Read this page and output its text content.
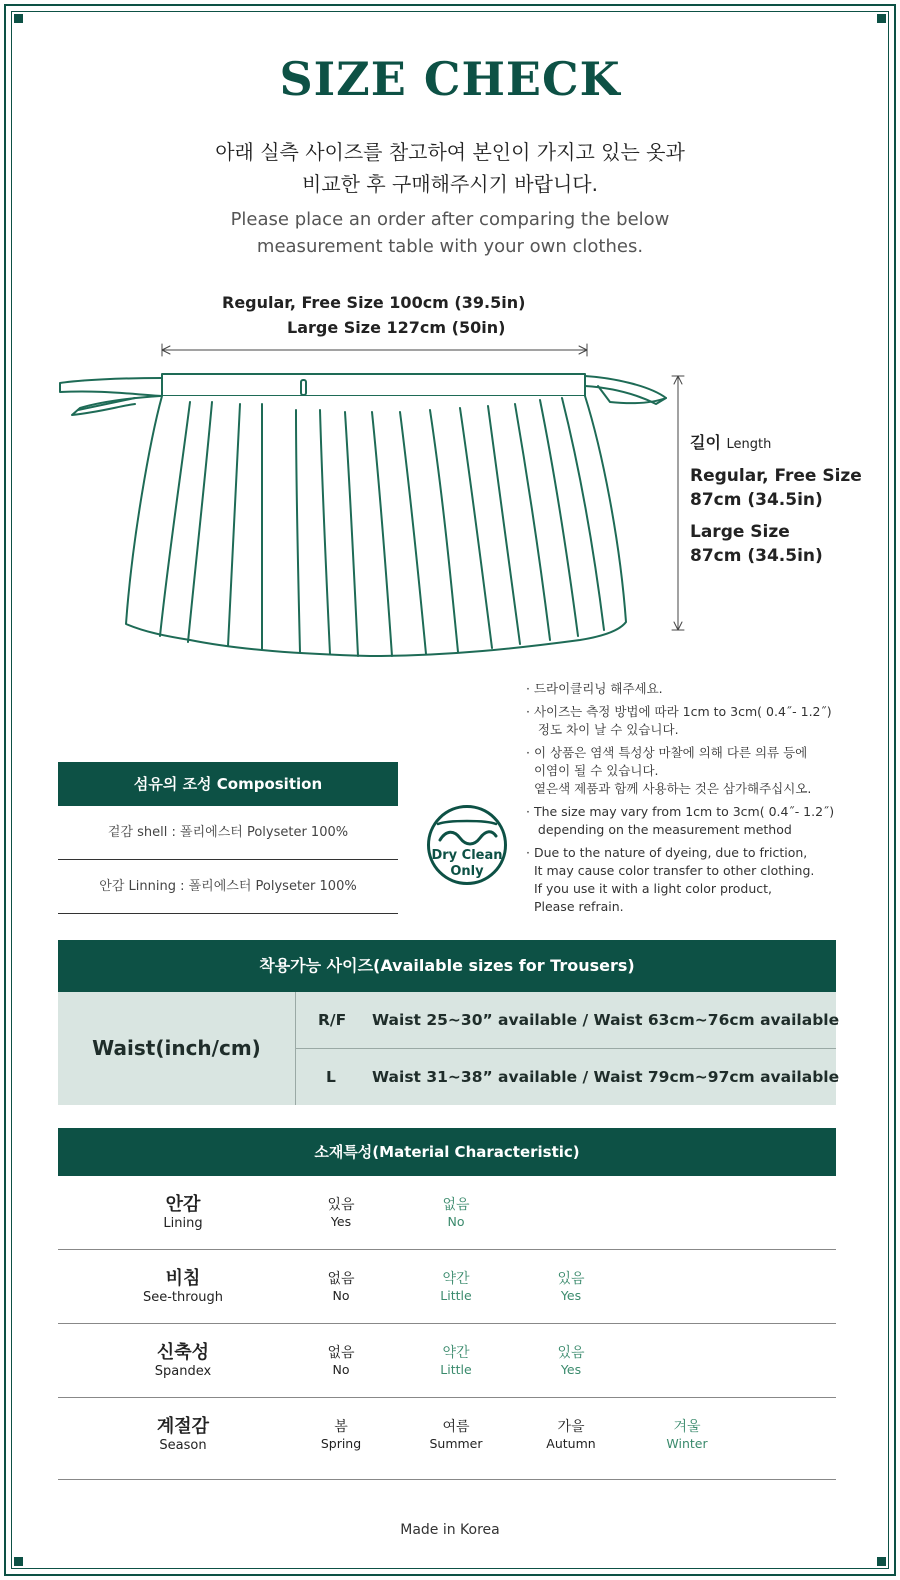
SIZE CHECK
아래 실측 사이즈를 참고하여 본인이 가지고 있는 옷과
비교한 후 구매해주시기 바랍니다.
Please place an order after comparing the below
measurement table with your own clothes.
Regular, Free Size 100cm (39.5in)
Large Size 127cm (50in)
길이 Length
Regular, Free Size
87cm (34.5in)
Large Size
87cm (34.5in)
섬유의 조성 Composition
겉감 shell : 폴리에스터 Polyseter 100%
안감 Linning : 폴리에스터 Polyseter 100%
Dry Clean
Only
· 드라이클리닝 해주세요.
· 사이즈는 측정 방법에 따라 1cm to 3cm( 0.4˝- 1.2˝)
정도 차이 날 수 있습니다.
· 이 상품은 염색 특성상 마찰에 의해 다른 의류 등에
이염이 될 수 있습니다.
옅은색 제품과 함께 사용하는 것은 삼가해주십시오.
· The size may vary from 1cm to 3cm( 0.4˝- 1.2˝)
depending on the measurement method
· Due to the nature of dyeing, due to friction,
It may cause color transfer to other clothing.
If you use it with a light color product,
Please refrain.
착용가능 사이즈(Available sizes for Trousers)
Waist(inch/cm)
R/F Waist 25~30” available / Waist 63cm~76cm available
L Waist 31~38” available / Waist 79cm~97cm available
소재특성(Material Characteristic)
안감
Lining
있음
Yes
없음
No
비침
See-through
없음
No
약간
Little
있음
Yes
신축성
Spandex
없음
No
약간
Little
있음
Yes
계절감
Season
봄
Spring
여름
Summer
가을
Autumn
겨울
Winter
Made in Korea
